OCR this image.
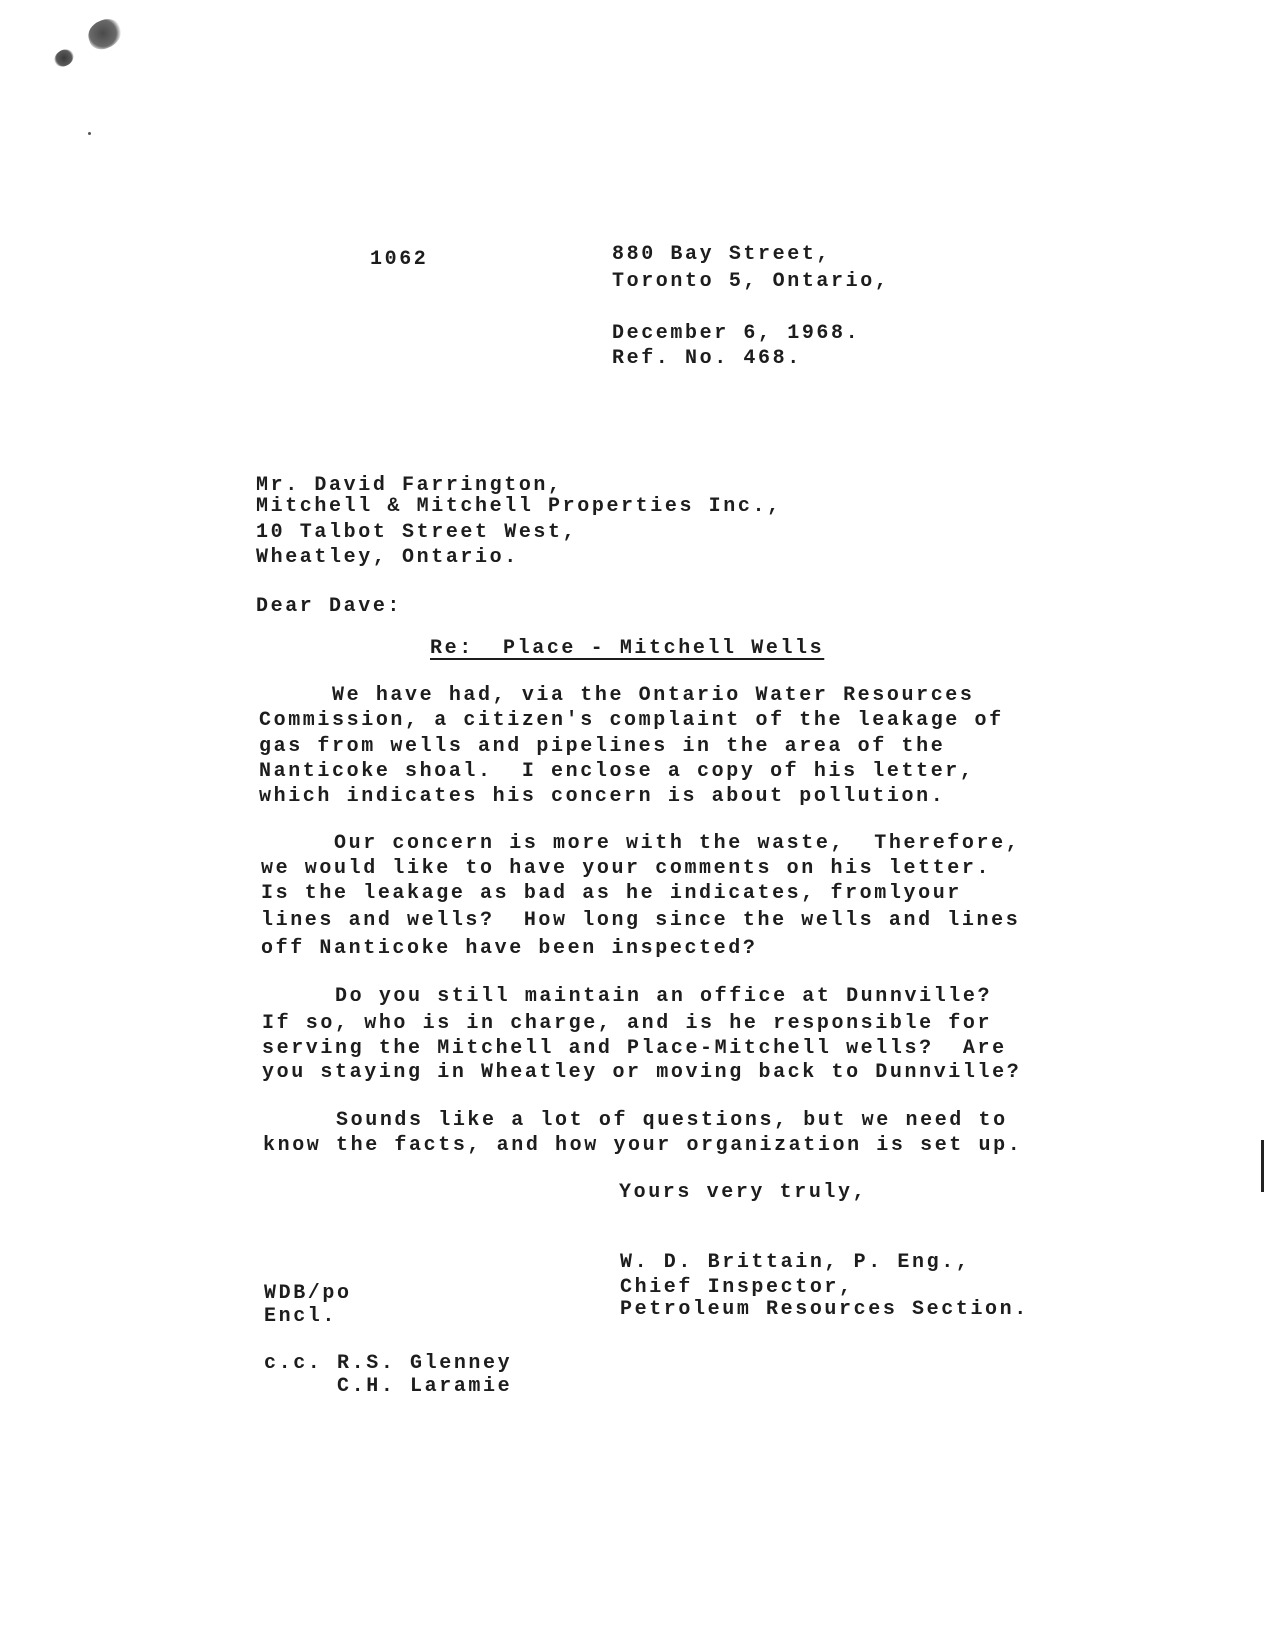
1062	880 Bay Street,
Toronto 5, Ontario,
December 6, 1968.
Ref. No. 468.
Mr. David Farrington,
Mitchell & Mitchell Properties Inc.,
10 Talbot Street West,
Wheatley, Ontario.
Dear Dave:
Re:  Place - Mitchell Wells
We have had, via the Ontario Water Resources
Commission, a citizen's complaint of the leakage of
gas from wells and pipelines in the area of the
Nanticoke shoal.  I enclose a copy of his letter,
which indicates his concern is about pollution.
Our concern is more with the waste,  Therefore,
we would like to have your comments on his letter.
Is the leakage as bad as he indicates, fromlyour
lines and wells?  How long since the wells and lines
off Nanticoke have been inspected?
Do you still maintain an office at Dunnville?
If so, who is in charge, and is he responsible for
serving the Mitchell and Place-Mitchell wells?  Are
you staying in Wheatley or moving back to Dunnville?
Sounds like a lot of questions, but we need to
know the facts, and how your organization is set up.
Yours very truly,
W. D. Brittain, P. Eng.,
Chief Inspector,
Petroleum Resources Section.
WDB/po
Encl.
c.c. R.S. Glenney
C.H. Laramie
